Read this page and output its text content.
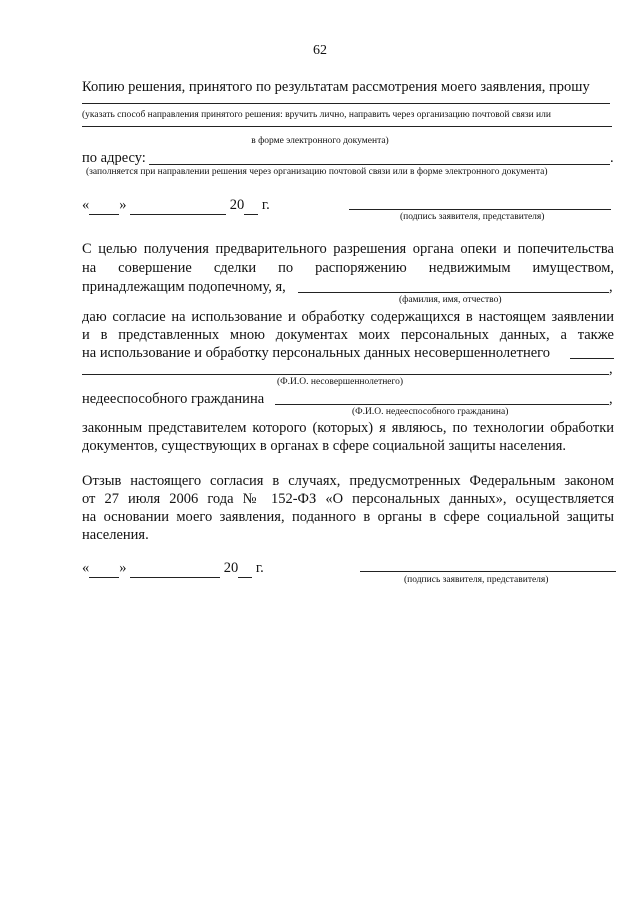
62
Копию решения, принятого по результатам рассмотрения моего заявления, прошу
(указать способ направления принятого решения: вручить лично, направить через организацию почтовой связи или
в форме электронного документа)
по адресу:	.
(заполняется при направлении решения через организацию почтовой связи или в форме электронного документа)
« »	20 г.
(подпись заявителя, представителя)
С целью получения предварительного разрешения органа опеки и попечительства
на совершение сделки по распоряжению недвижимым имуществом,
принадлежащим подопечному, я,	,
(фамилия, имя, отчество)
даю согласие на использование и обработку содержащихся в настоящем заявлении
и в представленных мною документах моих персональных данных, а также
на использование и обработку персональных данных несовершеннолетнего
,
(Ф.И.О. несовершеннолетнего)
недееспособного гражданина	,
(Ф.И.О. недееспособного гражданина)
законным представителем которого (которых) я являюсь, по технологии обработки
документов, существующих в органах в сфере социальной защиты населения.
Отзыв настоящего согласия в случаях, предусмотренных Федеральным законом
от 27 июля 2006 года № 152-ФЗ «О персональных данных», осуществляется
на основании моего заявления, поданного в органы в сфере социальной защиты
населения.
« »	20 г.
(подпись заявителя, представителя)
